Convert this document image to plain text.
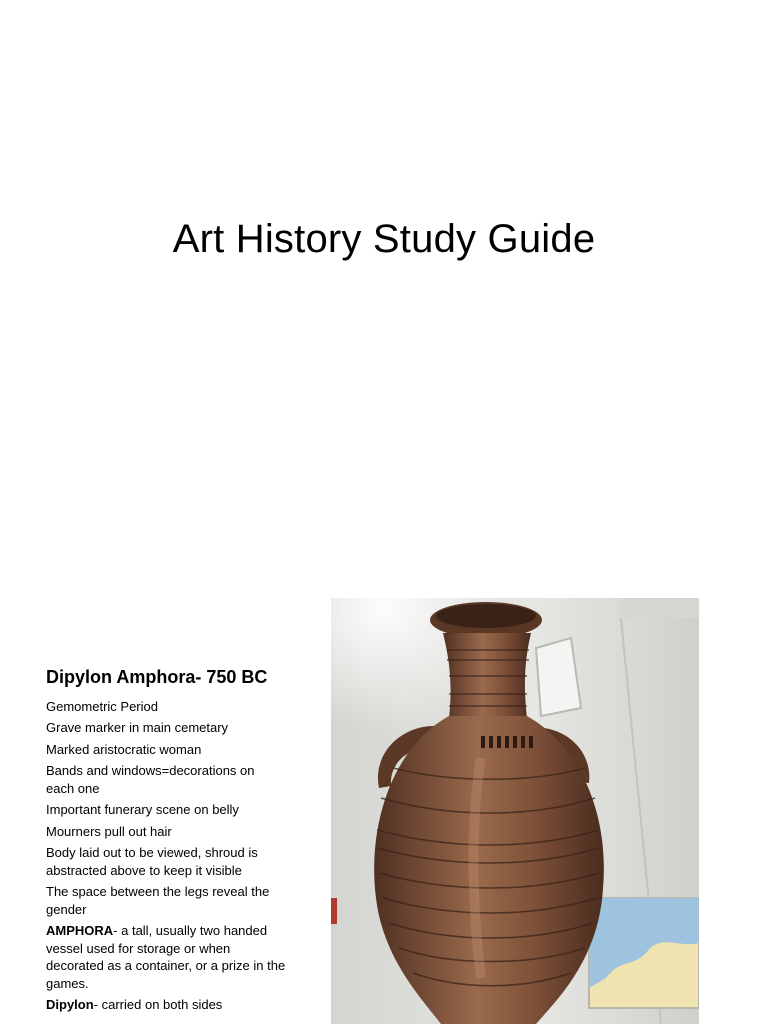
Art History Study Guide
Dipylon Amphora- 750 BC
Gemometric Period
Grave marker in main cemetary
Marked aristocratic woman
Bands and windows=decorations on each one
Important funerary scene on belly
Mourners pull out hair
Body laid out to be viewed, shroud is abstracted above to keep it visible
The space between the legs reveal the gender
AMPHORA- a tall, usually two handed vessel used for storage or when decorated as a container, or a prize in the games.
Dipylon- carried on both sides
